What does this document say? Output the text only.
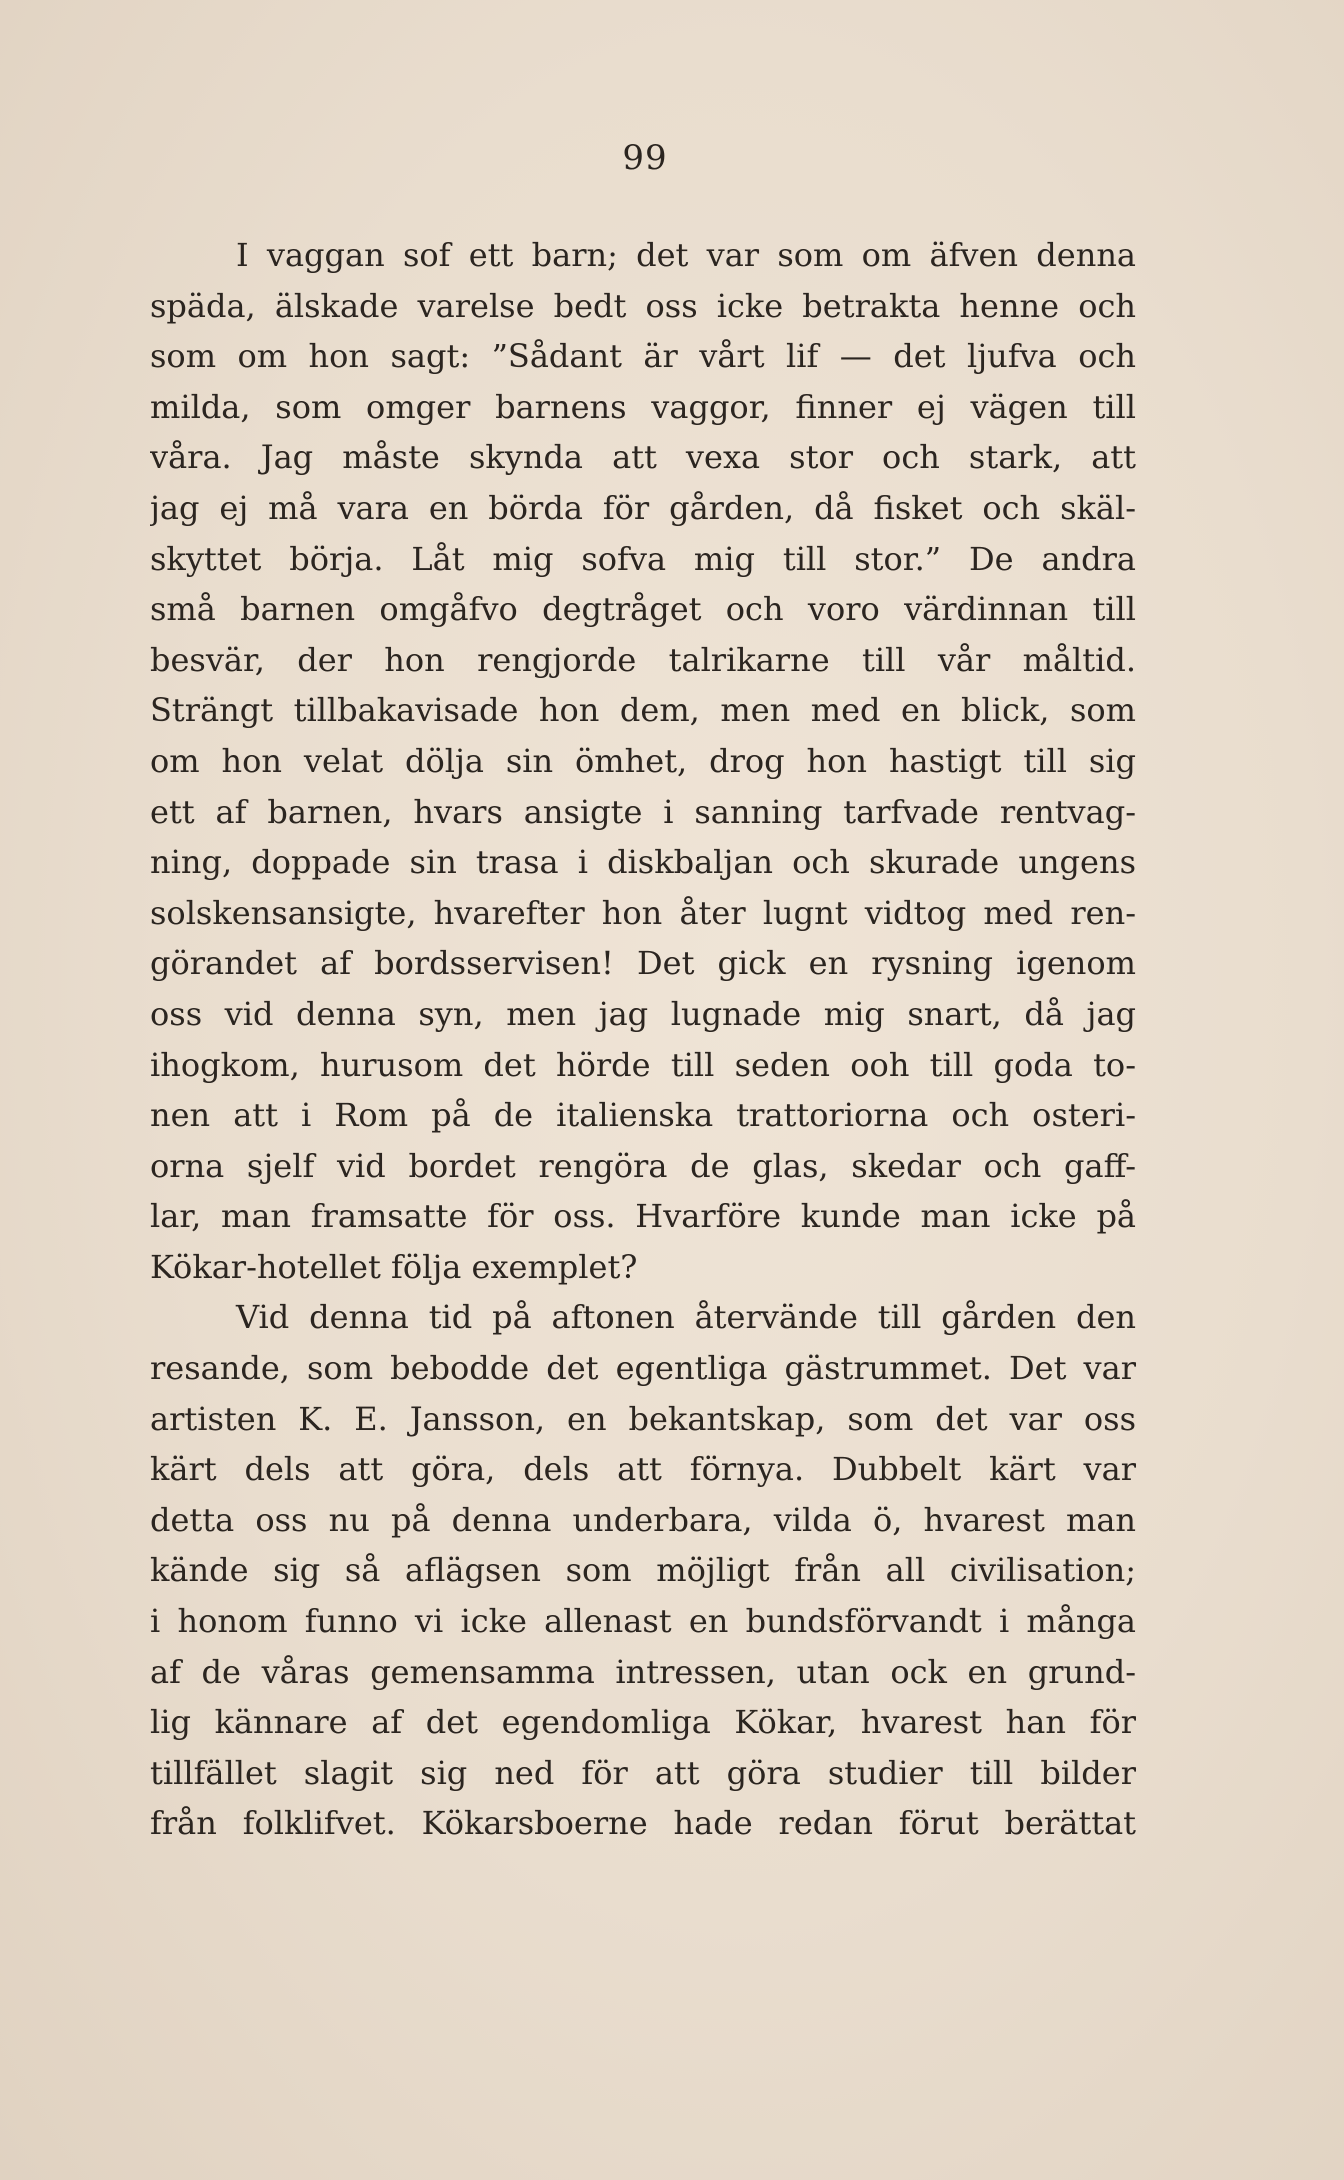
99
I vaggan sof ett barn; det var som om äfven denna
späda, älskade varelse bedt oss icke betrakta henne och
som om hon sagt: ”Sådant är vårt lif — det ljufva och
milda, som omger barnens vaggor, finner ej vägen till
våra. Jag måste skynda att vexa stor och stark, att
jag ej må vara en börda för gården, då fisket och skäl-
skyttet börja. Låt mig sofva mig till stor.” De andra
små barnen omgåfvo degtråget och voro värdinnan till
besvär, der hon rengjorde talrikarne till vår måltid.
Strängt tillbakavisade hon dem, men med en blick, som
om hon velat dölja sin ömhet, drog hon hastigt till sig
ett af barnen, hvars ansigte i sanning tarfvade rentvag-
ning, doppade sin trasa i diskbaljan och skurade ungens
solskensansigte, hvarefter hon åter lugnt vidtog med ren-
görandet af bordsservisen! Det gick en rysning igenom
oss vid denna syn, men jag lugnade mig snart, då jag
ihogkom, hurusom det hörde till seden ooh till goda to-
nen att i Rom på de italienska trattoriorna och osteri-
orna sjelf vid bordet rengöra de glas, skedar och gaff-
lar, man framsatte för oss. Hvarföre kunde man icke på
Kökar-hotellet följa exemplet?
Vid denna tid på aftonen återvände till gården den
resande, som bebodde det egentliga gästrummet. Det var
artisten K. E. Jansson, en bekantskap, som det var oss
kärt dels att göra, dels att förnya. Dubbelt kärt var
detta oss nu på denna underbara, vilda ö, hvarest man
kände sig så aflägsen som möjligt från all civilisation;
i honom funno vi icke allenast en bundsförvandt i många
af de våras gemensamma intressen, utan ock en grund-
lig kännare af det egendomliga Kökar, hvarest han för
tillfället slagit sig ned för att göra studier till bilder
från folklifvet. Kökarsboerne hade redan förut berättat
